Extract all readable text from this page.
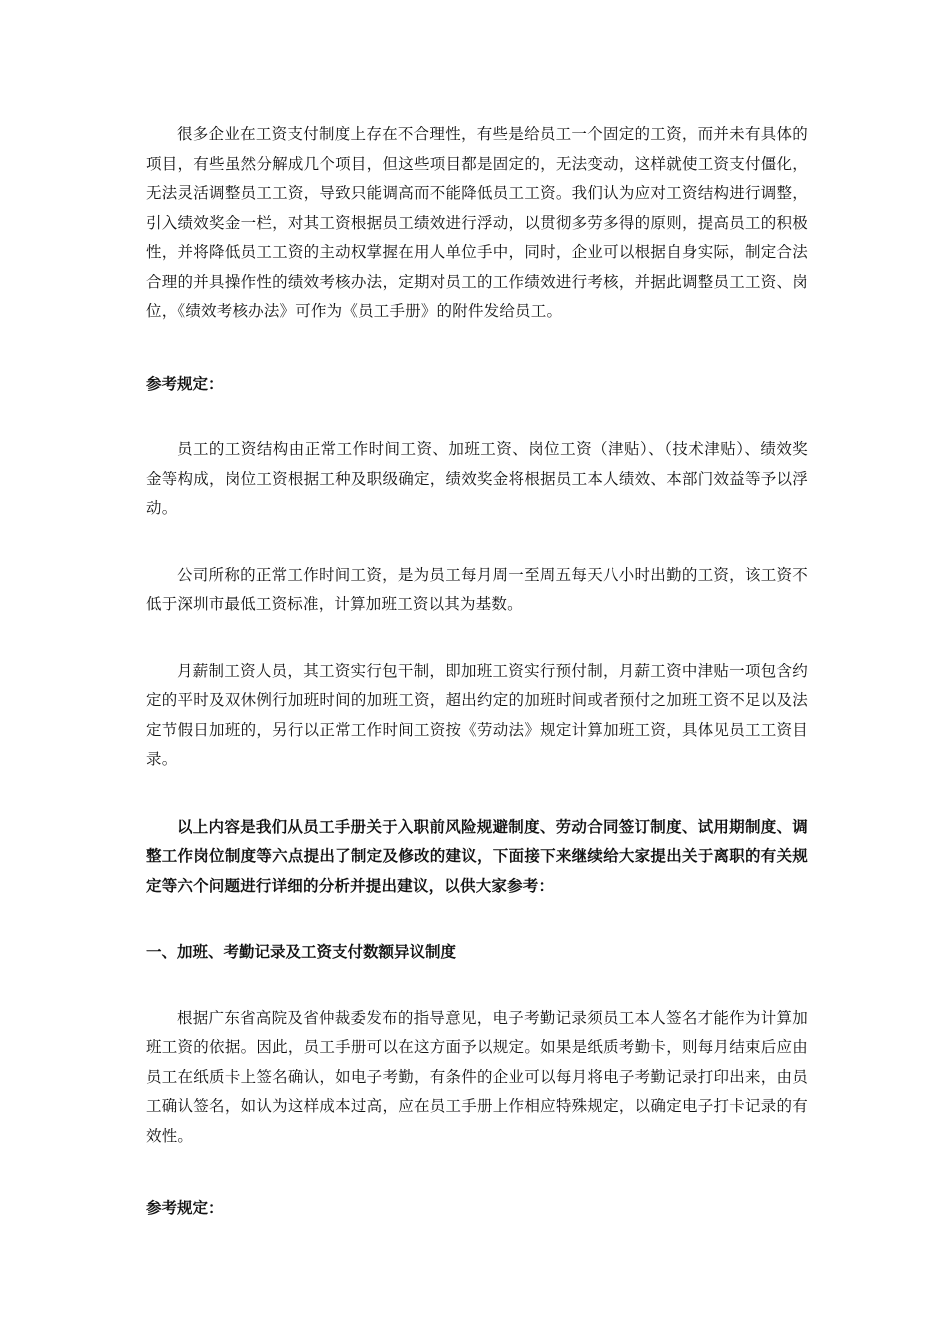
很多企业在工资支付制度上存在不合理性，有些是给员工一个固定的工资，而并未有具体的项目，有些虽然分解成几个项目，但这些项目都是固定的，无法变动，这样就使工资支付僵化，无法灵活调整员工工资，导致只能调高而不能降低员工工资。我们认为应对工资结构进行调整，引入绩效奖金一栏，对其工资根据员工绩效进行浮动，以贯彻多劳多得的原则，提高员工的积极性，并将降低员工工资的主动权掌握在用人单位手中，同时，企业可以根据自身实际，制定合法合理的并具操作性的绩效考核办法，定期对员工的工作绩效进行考核，并据此调整员工工资、岗位，《绩效考核办法》可作为《员工手册》的附件发给员工。

参考规定：

员工的工资结构由正常工作时间工资、加班工资、岗位工资（津贴）、（技术津贴）、绩效奖金等构成，岗位工资根据工种及职级确定，绩效奖金将根据员工本人绩效、本部门效益等予以浮动。

公司所称的正常工作时间工资，是为员工每月周一至周五每天八小时出勤的工资，该工资不低于深圳市最低工资标准，计算加班工资以其为基数。

月薪制工资人员，其工资实行包干制，即加班工资实行预付制，月薪工资中津贴一项包含约定的平时及双休例行加班时间的加班工资，超出约定的加班时间或者预付之加班工资不足以及法定节假日加班的，另行以正常工作时间工资按《劳动法》规定计算加班工资，具体见员工工资目录。

以上内容是我们从员工手册关于入职前风险规避制度、劳动合同签订制度、试用期制度、调整工作岗位制度等六点提出了制定及修改的建议，下面接下来继续给大家提出关于离职的有关规定等六个问题进行详细的分析并提出建议，以供大家参考：

一、加班、考勤记录及工资支付数额异议制度

根据广东省高院及省仲裁委发布的指导意见，电子考勤记录须员工本人签名才能作为计算加班工资的依据。因此，员工手册可以在这方面予以规定。如果是纸质考勤卡，则每月结束后应由员工在纸质卡上签名确认，如电子考勤，有条件的企业可以每月将电子考勤记录打印出来，由员工确认签名，如认为这样成本过高，应在员工手册上作相应特殊规定，以确定电子打卡记录的有效性。

参考规定：
